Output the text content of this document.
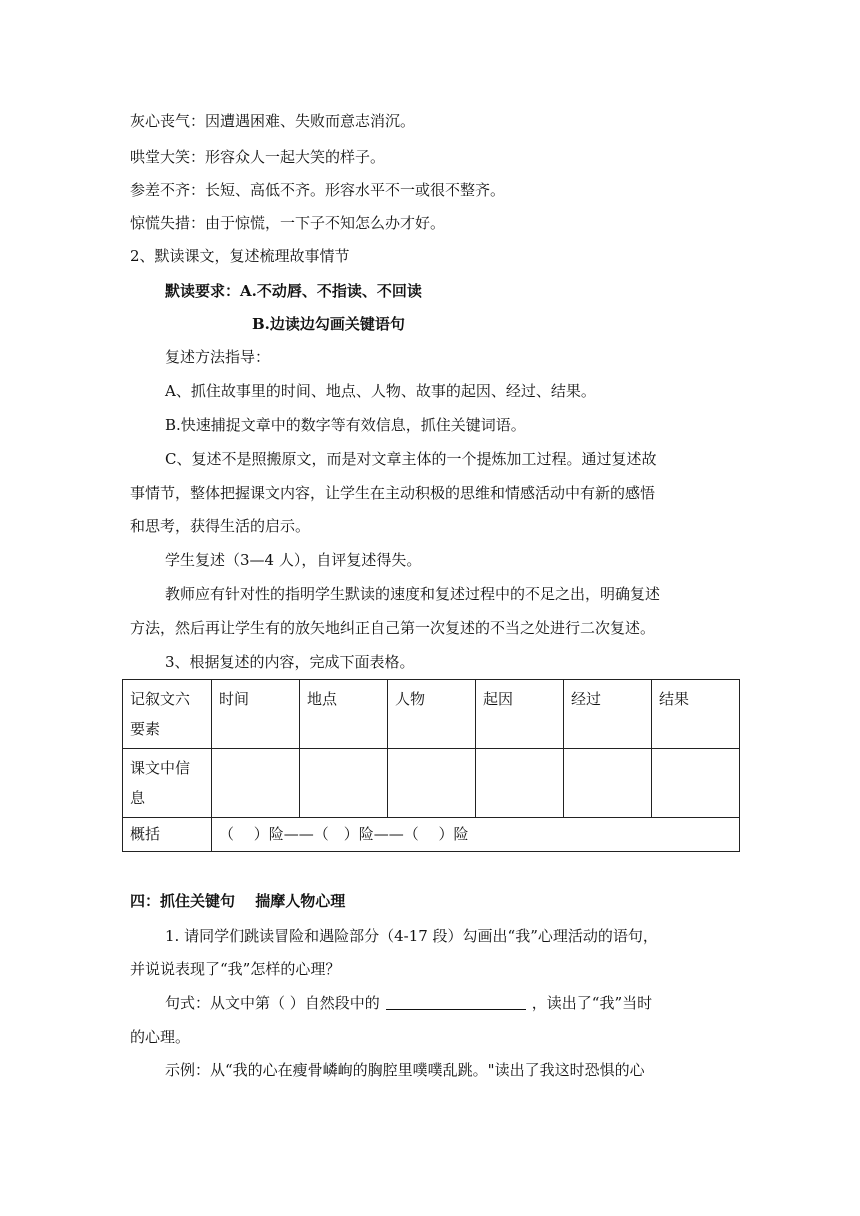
灰心丧气：因遭遇困难、失败而意志消沉。
哄堂大笑：形容众人一起大笑的样子。
参差不齐：长短、高低不齐。形容水平不一或很不整齐。
惊慌失措：由于惊慌，一下子不知怎么办才好。
2、默读课文，复述梳理故事情节
默读要求：A.不动唇、不指读、不回读
B.边读边勾画关键语句
复述方法指导：
A、抓住故事里的时间、地点、人物、故事的起因、经过、结果。
B.快速捕捉文章中的数字等有效信息，抓住关键词语。
C、复述不是照搬原文，而是对文章主体的一个提炼加工过程。通过复述故
事情节，整体把握课文内容，让学生在主动积极的思维和情感活动中有新的感悟
和思考，获得生活的启示。
学生复述（3—4 人），自评复述得失。
教师应有针对性的指明学生默读的速度和复述过程中的不足之出，明确复述
方法，然后再让学生有的放矢地纠正自己第一次复述的不当之处进行二次复述。
3、根据复述的内容，完成下面表格。
记叙文六
要素	时间	地点	人物	起因	经过	结果
课文中信
息						
概括	（　 ）险——（　）险——（　 ）险					
四：抓住关键句　 揣摩人物心理
1. 请同学们跳读冒险和遇险部分（4-17 段）勾画出“我”心理活动的语句，
并说说表现了“我”怎样的心理？
句式：从文中第（ ）自然段中的	，读出了“我”当时
的心理。
示例：从“我的心在瘦骨嶙峋的胸腔里噗噗乱跳。"读出了我这时恐惧的心
